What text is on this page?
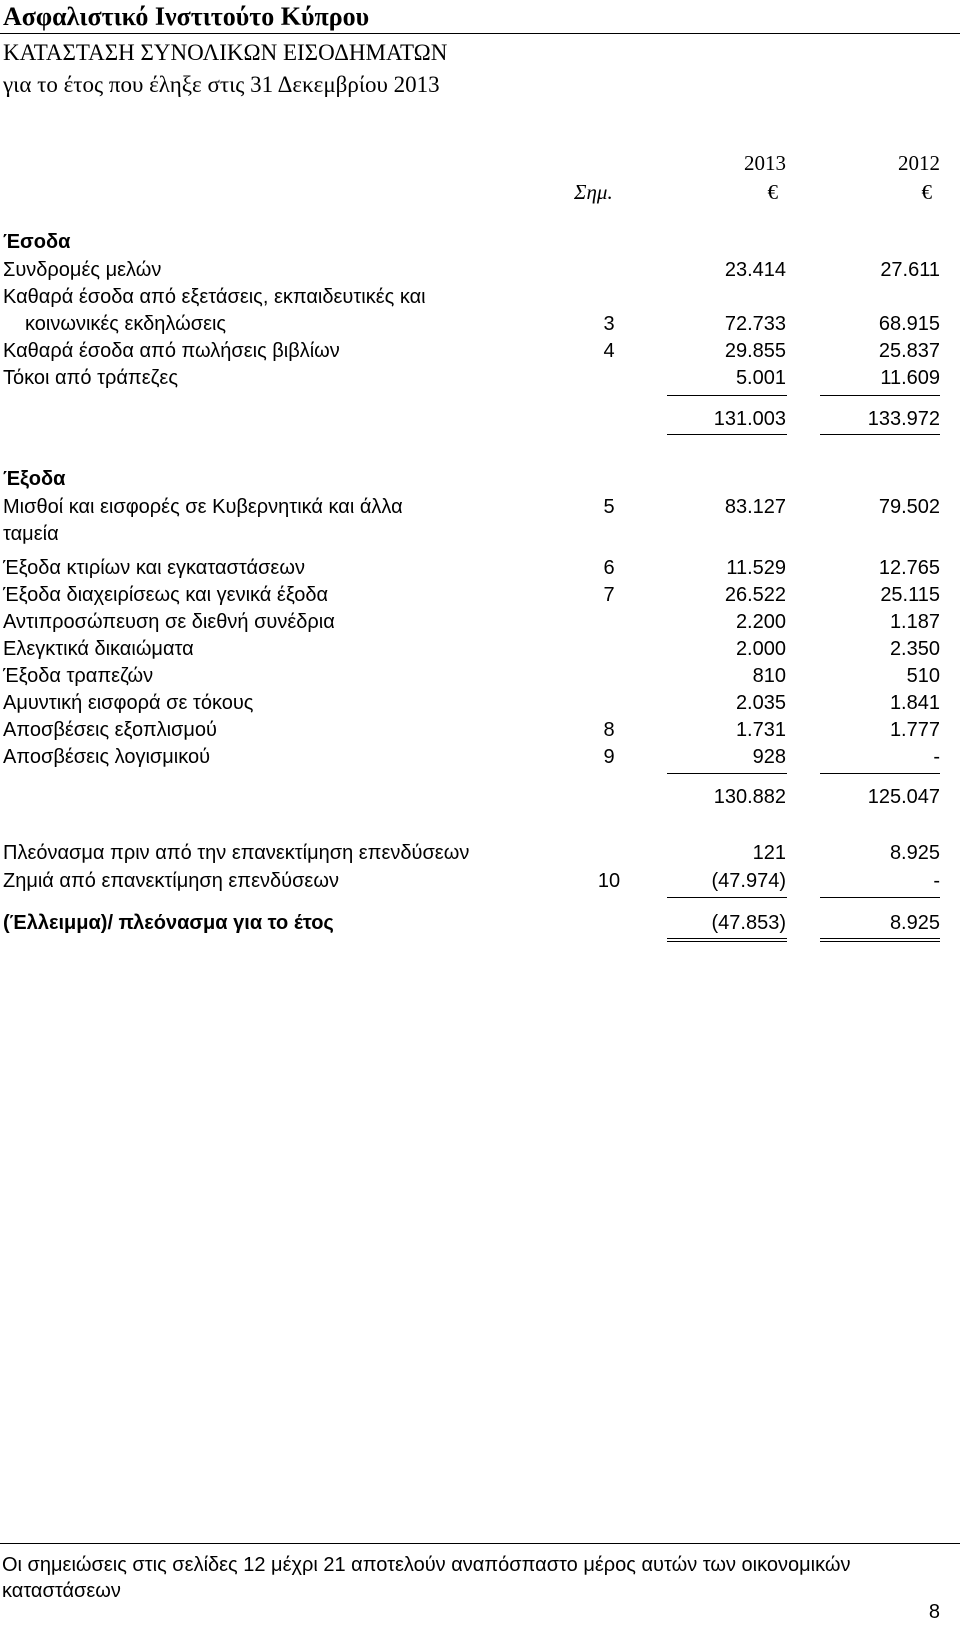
Ασφαλιστικό Ινστιτούτο Κύπρου
ΚΑΤΑΣΤΑΣΗ ΣΥΝΟΛΙΚΩΝ ΕΙΣΟΔΗΜΑΤΩΝ
για το έτος που έληξε στις 31 Δεκεμβρίου 2013
2013	2012
Σημ.	€	€
Έσοδα
Συνδρομές μελών	23.414	27.611
Καθαρά έσοδα από εξετάσεις, εκπαιδευτικές και
κοινωνικές εκδηλώσεις	3	72.733	68.915
Καθαρά έσοδα από πωλήσεις βιβλίων	4	29.855	25.837
Τόκοι από τράπεζες	5.001	11.609
131.003	133.972
Έξοδα
Μισθοί και εισφορές σε Κυβερνητικά και άλλα	5	83.127	79.502
ταμεία
Έξοδα κτιρίων και εγκαταστάσεων	6	11.529	12.765
Έξοδα διαχειρίσεως και γενικά έξοδα	7	26.522	25.115
Αντιπροσώπευση σε διεθνή συνέδρια	2.200	1.187
Ελεγκτικά δικαιώματα	2.000	2.350
Έξοδα τραπεζών	810	510
Αμυντική εισφορά σε τόκους	2.035	1.841
Αποσβέσεις εξοπλισμού	8	1.731	1.777
Αποσβέσεις λογισμικού	9	928	-
130.882	125.047
Πλεόνασμα πριν από την επανεκτίμηση επενδύσεων	121	8.925
Ζημιά από επανεκτίμηση επενδύσεων	10	(47.974)	-
(Έλλειμμα)/ πλεόνασμα για το έτος	(47.853)	8.925
Οι σημειώσεις στις σελίδες 12 μέχρι 21 αποτελούν αναπόσπαστο μέρος αυτών των οικονομικών καταστάσεων
8
